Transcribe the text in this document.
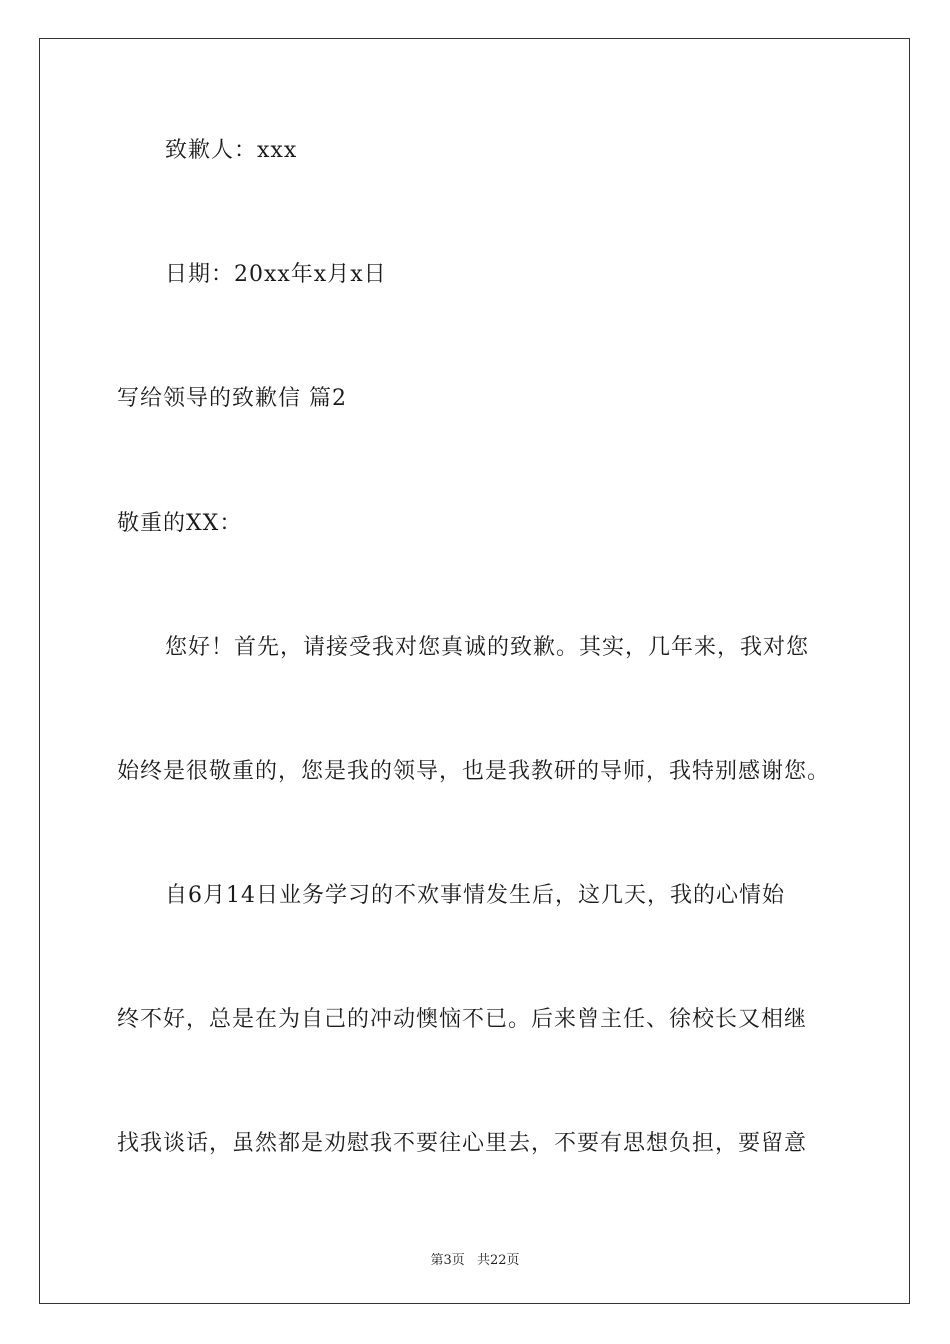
致歉人：xxx
日期：20xx年x月x日
写给领导的致歉信 篇2
敬重的XX：
您好！首先，请接受我对您真诚的致歉。其实，几年来，我对您
始终是很敬重的，您是我的领导，也是我教研的导师，我特别感谢您。
自6月14日业务学习的不欢事情发生后，这几天，我的心情始
终不好，总是在为自己的冲动懊恼不已。后来曾主任、徐校长又相继
找我谈话，虽然都是劝慰我不要往心里去，不要有思想负担，要留意
第3页 共22页
